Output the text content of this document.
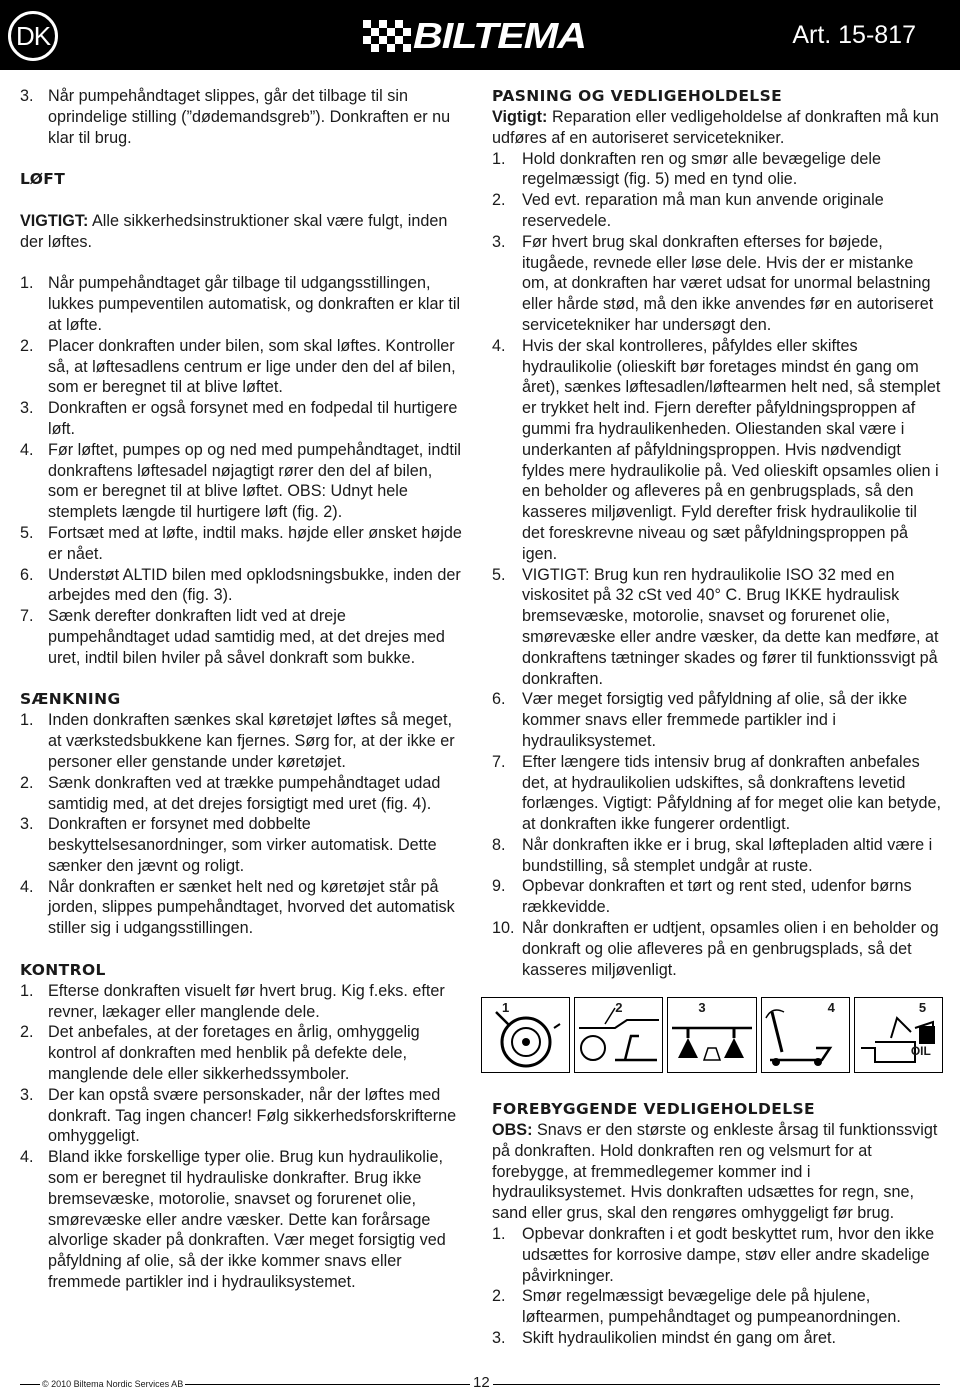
DK	BILTEMA	Art. 15-817
3. Når pumpehåndtaget slippes, går det tilbage til sin oprindelige stilling (”dødemandsgreb”). Donkraften er nu klar til brug.
LØFT
VIGTIGT: Alle sikkerhedsinstruktioner skal være fulgt, inden der løftes.
1. Når pumpehåndtaget går tilbage til udgangsstillingen, lukkes pumpeventilen automatisk, og donkraften er klar til at løfte.
2. Placer donkraften under bilen, som skal løftes. Kontroller så, at løftesadlens centrum er lige under den del af bilen, som er beregnet til at blive løftet.
3. Donkraften er også forsynet med en fodpedal til hurtigere løft.
4. Før løftet, pumpes op og ned med pumpehåndtaget, indtil donkraftens løftesadel nøjagtigt rører den del af bilen, som er beregnet til at blive løftet. OBS: Udnyt hele stemplets længde til hurtigere løft (fig. 2).
5. Fortsæt med at løfte, indtil maks. højde eller ønsket højde er nået.
6. Understøt ALTID bilen med opklodsningsbukke, inden der arbejdes med den (fig. 3).
7. Sænk derefter donkraften lidt ved at dreje pumpehåndtaget udad samtidig med, at det drejes med uret, indtil bilen hviler på såvel donkraft som bukke.
SÆNKNING
1. Inden donkraften sænkes skal køretøjet løftes så meget, at værkstedsbukkene kan fjernes. Sørg for, at der ikke er personer eller genstande under køretøjet.
2. Sænk donkraften ved at trække pumpehåndtaget udad samtidig med, at det drejes forsigtigt med uret (fig. 4).
3. Donkraften er forsynet med dobbelte beskyttelsesanordninger, som virker automatisk. Dette sænker den jævnt og roligt.
4. Når donkraften er sænket helt ned og køretøjet står på jorden, slippes pumpehåndtaget, hvorved det automatisk stiller sig i udgangsstillingen.
KONTROL
1. Efterse donkraften visuelt før hvert brug. Kig f.eks. efter revner, lækager eller manglende dele.
2. Det anbefales, at der foretages en årlig, omhyggelig kontrol af donkraften med henblik på defekte dele, manglende dele eller sikkerhedssymboler.
3. Der kan opstå svære personskader, når der løftes med donkraft. Tag ingen chancer! Følg sikkerhedsforskrifterne omhyggeligt.
4. Bland ikke forskellige typer olie. Brug kun hydraulikolie, som er beregnet til hydrauliske donkrafter. Brug ikke bremsevæske, motorolie, snavset og forurenet olie, smørevæske eller andre væsker. Dette kan forårsage alvorlige skader på donkraften. Vær meget forsigtig ved påfyldning af olie, så der ikke kommer snavs eller fremmede partikler ind i hydrauliksystemet.
PASNING OG VEDLIGEHOLDELSE
Vigtigt: Reparation eller vedligeholdelse af donkraften må kun udføres af en autoriseret servicetekniker.
1. Hold donkraften ren og smør alle bevægelige dele regelmæssigt (fig. 5) med en tynd olie.
2. Ved evt. reparation må man kun anvende originale reservedele.
3. Før hvert brug skal donkraften efterses for bøjede, itugåede, revnede eller løse dele. Hvis der er mistanke om, at donkraften har været udsat for unormal belastning eller hårde stød, må den ikke anvendes før en autoriseret servicetekniker har undersøgt den.
4. Hvis der skal kontrolleres, påfyldes eller skiftes hydraulikolie (olieskift bør foretages mindst én gang om året), sænkes løftesadlen/løftearmen helt ned, så stemplet er trykket helt ind. Fjern derefter påfyldningsproppen af gummi fra hydraulikenheden. Oliestanden skal være i underkanten af påfyldningsproppen. Hvis nødvendigt fyldes mere hydraulikolie på. Ved olieskift opsamles olien i en beholder og afleveres på en genbrugsplads, så den kasseres miljøvenligt. Fyld derefter frisk hydraulikolie til det foreskrevne niveau og sæt påfyldningsproppen på igen.
5. VIGTIGT: Brug kun ren hydraulikolie ISO 32 med en viskositet på 32 cSt ved 40° C. Brug IKKE hydraulisk bremsevæske, motorolie, snavset og forurenet olie, smørevæske eller andre væsker, da dette kan medføre, at donkraftens tætninger skades og fører til funktionssvigt på donkraften.
6. Vær meget forsigtig ved påfyldning af olie, så der ikke kommer snavs eller fremmede partikler ind i hydrauliksystemet.
7. Efter længere tids intensiv brug af donkraften anbefales det, at hydraulikolien udskiftes, så donkraftens levetid forlænges. Vigtigt: Påfyldning af for meget olie kan betyde, at donkraften ikke fungerer ordentligt.
8. Når donkraften ikke er i brug, skal løftepladen altid være i bundstilling, så stemplet undgår at ruste.
9. Opbevar donkraften et tørt og rent sted, udenfor børns rækkevidde.
10. Når donkraften er udtjent, opsamles olien i en beholder og donkraft og olie afleveres på en genbrugsplads, så det kasseres miljøvenligt.
1	2	3	4	5
OIL
FOREBYGGENDE VEDLIGEHOLDELSE
OBS: Snavs er den største og enkleste årsag til funktionssvigt på donkraften. Hold donkraften ren og velsmurt for at forebygge, at fremmedlegemer kommer ind i hydrauliksystemet. Hvis donkraften udsættes for regn, sne, sand eller grus, skal den rengøres omhyggeligt før brug.
1. Opbevar donkraften i et godt beskyttet rum, hvor den ikke udsættes for korrosive dampe, støv eller andre skadelige påvirkninger.
2. Smør regelmæssigt bevægelige dele på hjulene, løftearmen, pumpehåndtaget og pumpeanordningen.
3. Skift hydraulikolien mindst én gang om året.
© 2010 Biltema Nordic Services AB	12
